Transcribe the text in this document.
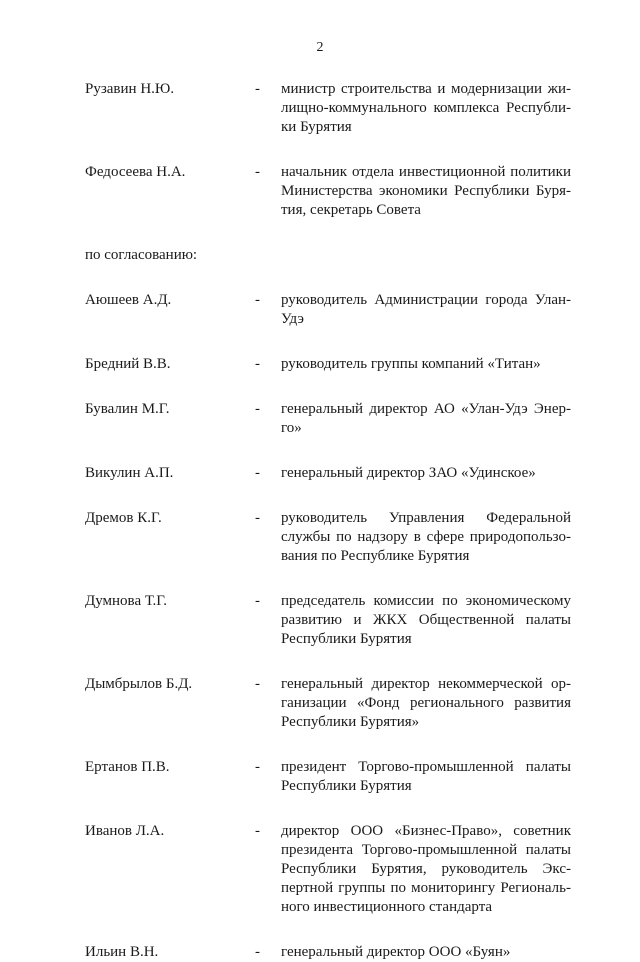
2
Рузавин Н.Ю.	-	министр строительства и модернизации жи-
лищно-коммунального комплекса Республи-
ки Бурятия
Федосеева Н.А.	-	начальник отдела инвестиционной политики
Министерства экономики Республики Буря-
тия, секретарь Совета
по согласованию:
Аюшеев А.Д.	-	руководитель Администрации города Улан-
Удэ
Бредний В.В.	-	руководитель группы компаний «Титан»
Бувалин М.Г.	-	генеральный директор АО «Улан-Удэ Энер-
го»
Викулин А.П.	-	генеральный директор ЗАО «Удинское»
Дремов К.Г.	-	руководитель Управления Федеральной
службы по надзору в сфере природопользо-
вания по Республике Бурятия
Думнова Т.Г.	-	председатель комиссии по экономическому
развитию и ЖКХ Общественной палаты
Республики Бурятия
Дымбрылов Б.Д.	-	генеральный директор некоммерческой ор-
ганизации «Фонд регионального развития
Республики Бурятия»
Ертанов П.В.	-	президент Торгово-промышленной палаты
Республики Бурятия
Иванов Л.А.	-	директор ООО «Бизнес-Право», советник
президента Торгово-промышленной палаты
Республики Бурятия, руководитель Экс-
пертной группы по мониторингу Региональ-
ного инвестиционного стандарта
Ильин В.Н.	-	генеральный директор ООО «Буян»
